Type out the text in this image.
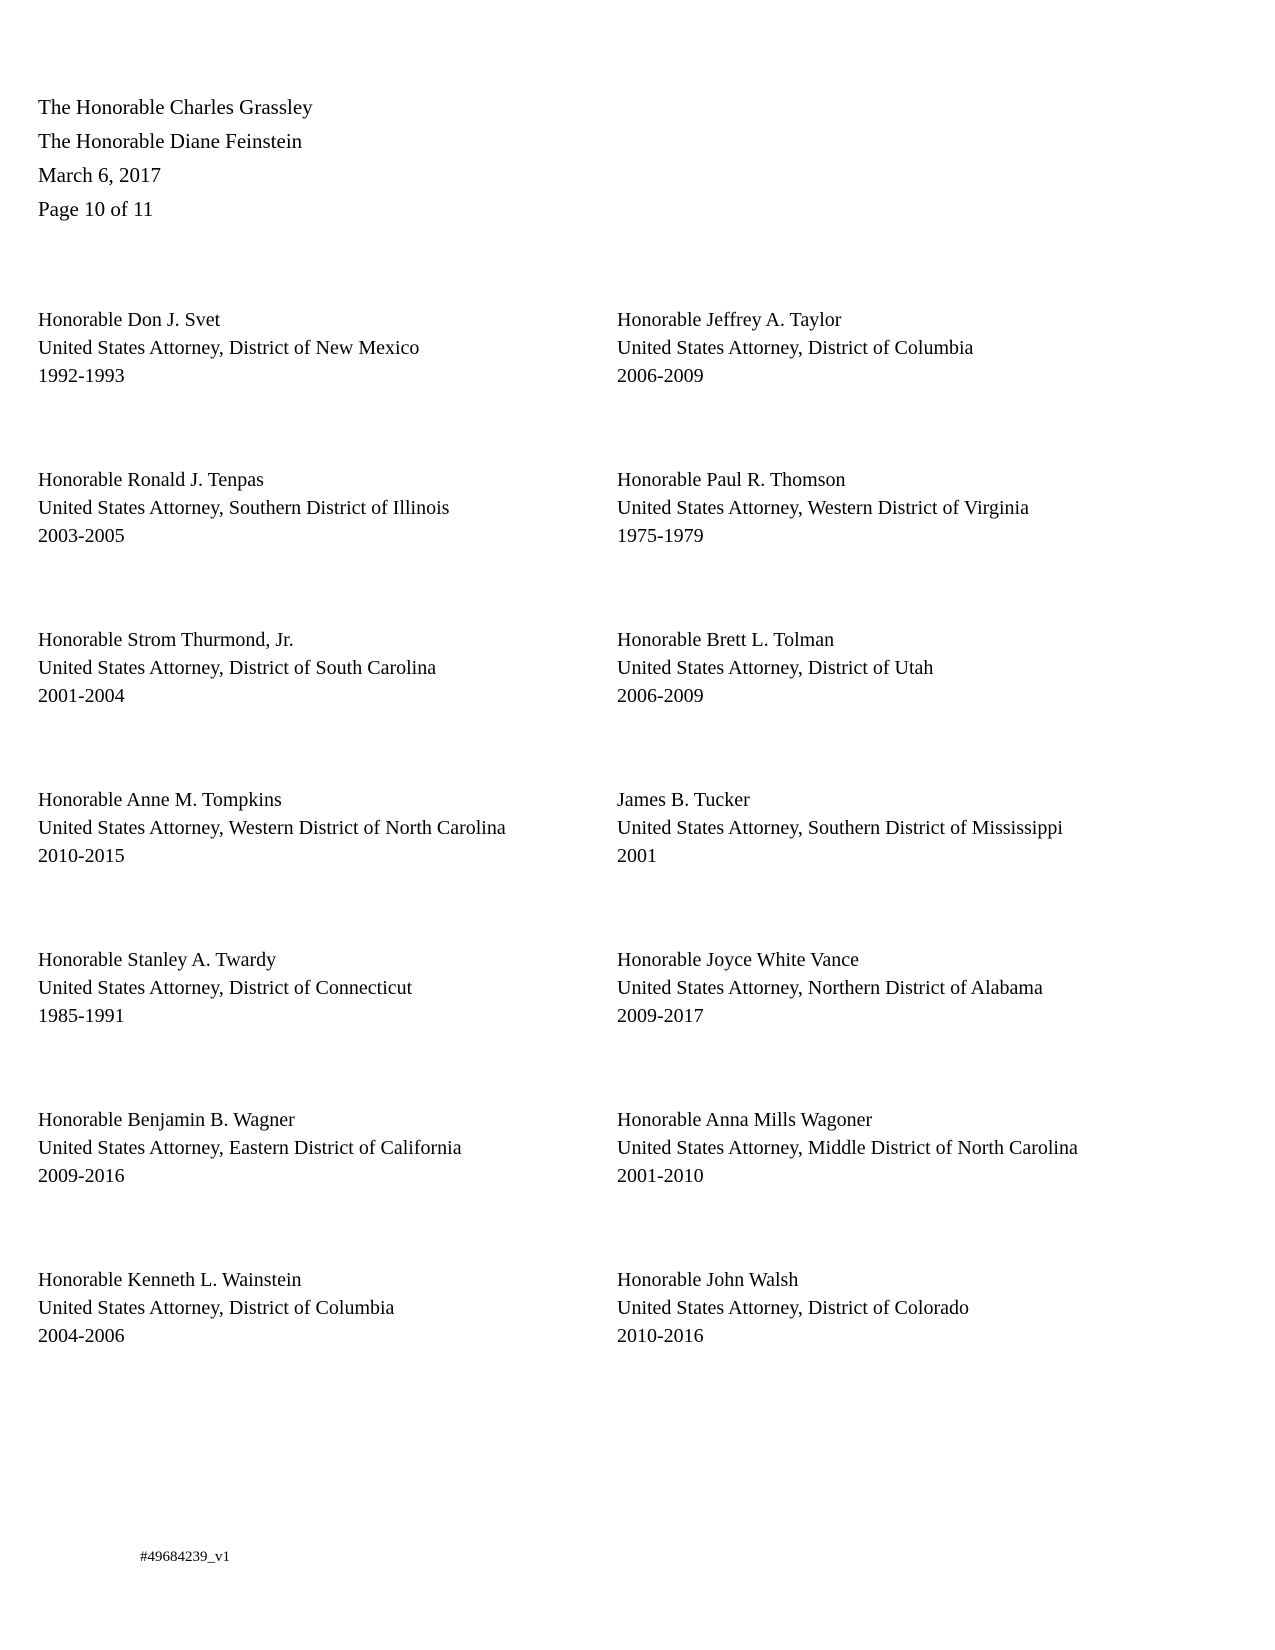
The Honorable Charles Grassley
The Honorable Diane Feinstein
March 6, 2017
Page 10 of 11
Honorable Don J. Svet
United States Attorney, District of New Mexico
1992-1993
Honorable Jeffrey A. Taylor
United States Attorney, District of Columbia
2006-2009
Honorable Ronald J. Tenpas
United States Attorney, Southern District of Illinois
2003-2005
Honorable Paul R. Thomson
United States Attorney, Western District of Virginia
1975-1979
Honorable Strom Thurmond, Jr.
United States Attorney, District of South Carolina
2001-2004
Honorable Brett L. Tolman
United States Attorney, District of Utah
2006-2009
Honorable Anne M. Tompkins
United States Attorney, Western District of North Carolina
2010-2015
James B. Tucker
United States Attorney, Southern District of Mississippi
2001
Honorable Stanley A. Twardy
United States Attorney, District of Connecticut
1985-1991
Honorable Joyce White Vance
United States Attorney, Northern District of Alabama
2009-2017
Honorable Benjamin B. Wagner
United States Attorney, Eastern District of California
2009-2016
Honorable Anna Mills Wagoner
United States Attorney, Middle District of North Carolina
2001-2010
Honorable Kenneth L. Wainstein
United States Attorney, District of Columbia
2004-2006
Honorable John Walsh
United States Attorney, District of Colorado
2010-2016
#49684239_v1
